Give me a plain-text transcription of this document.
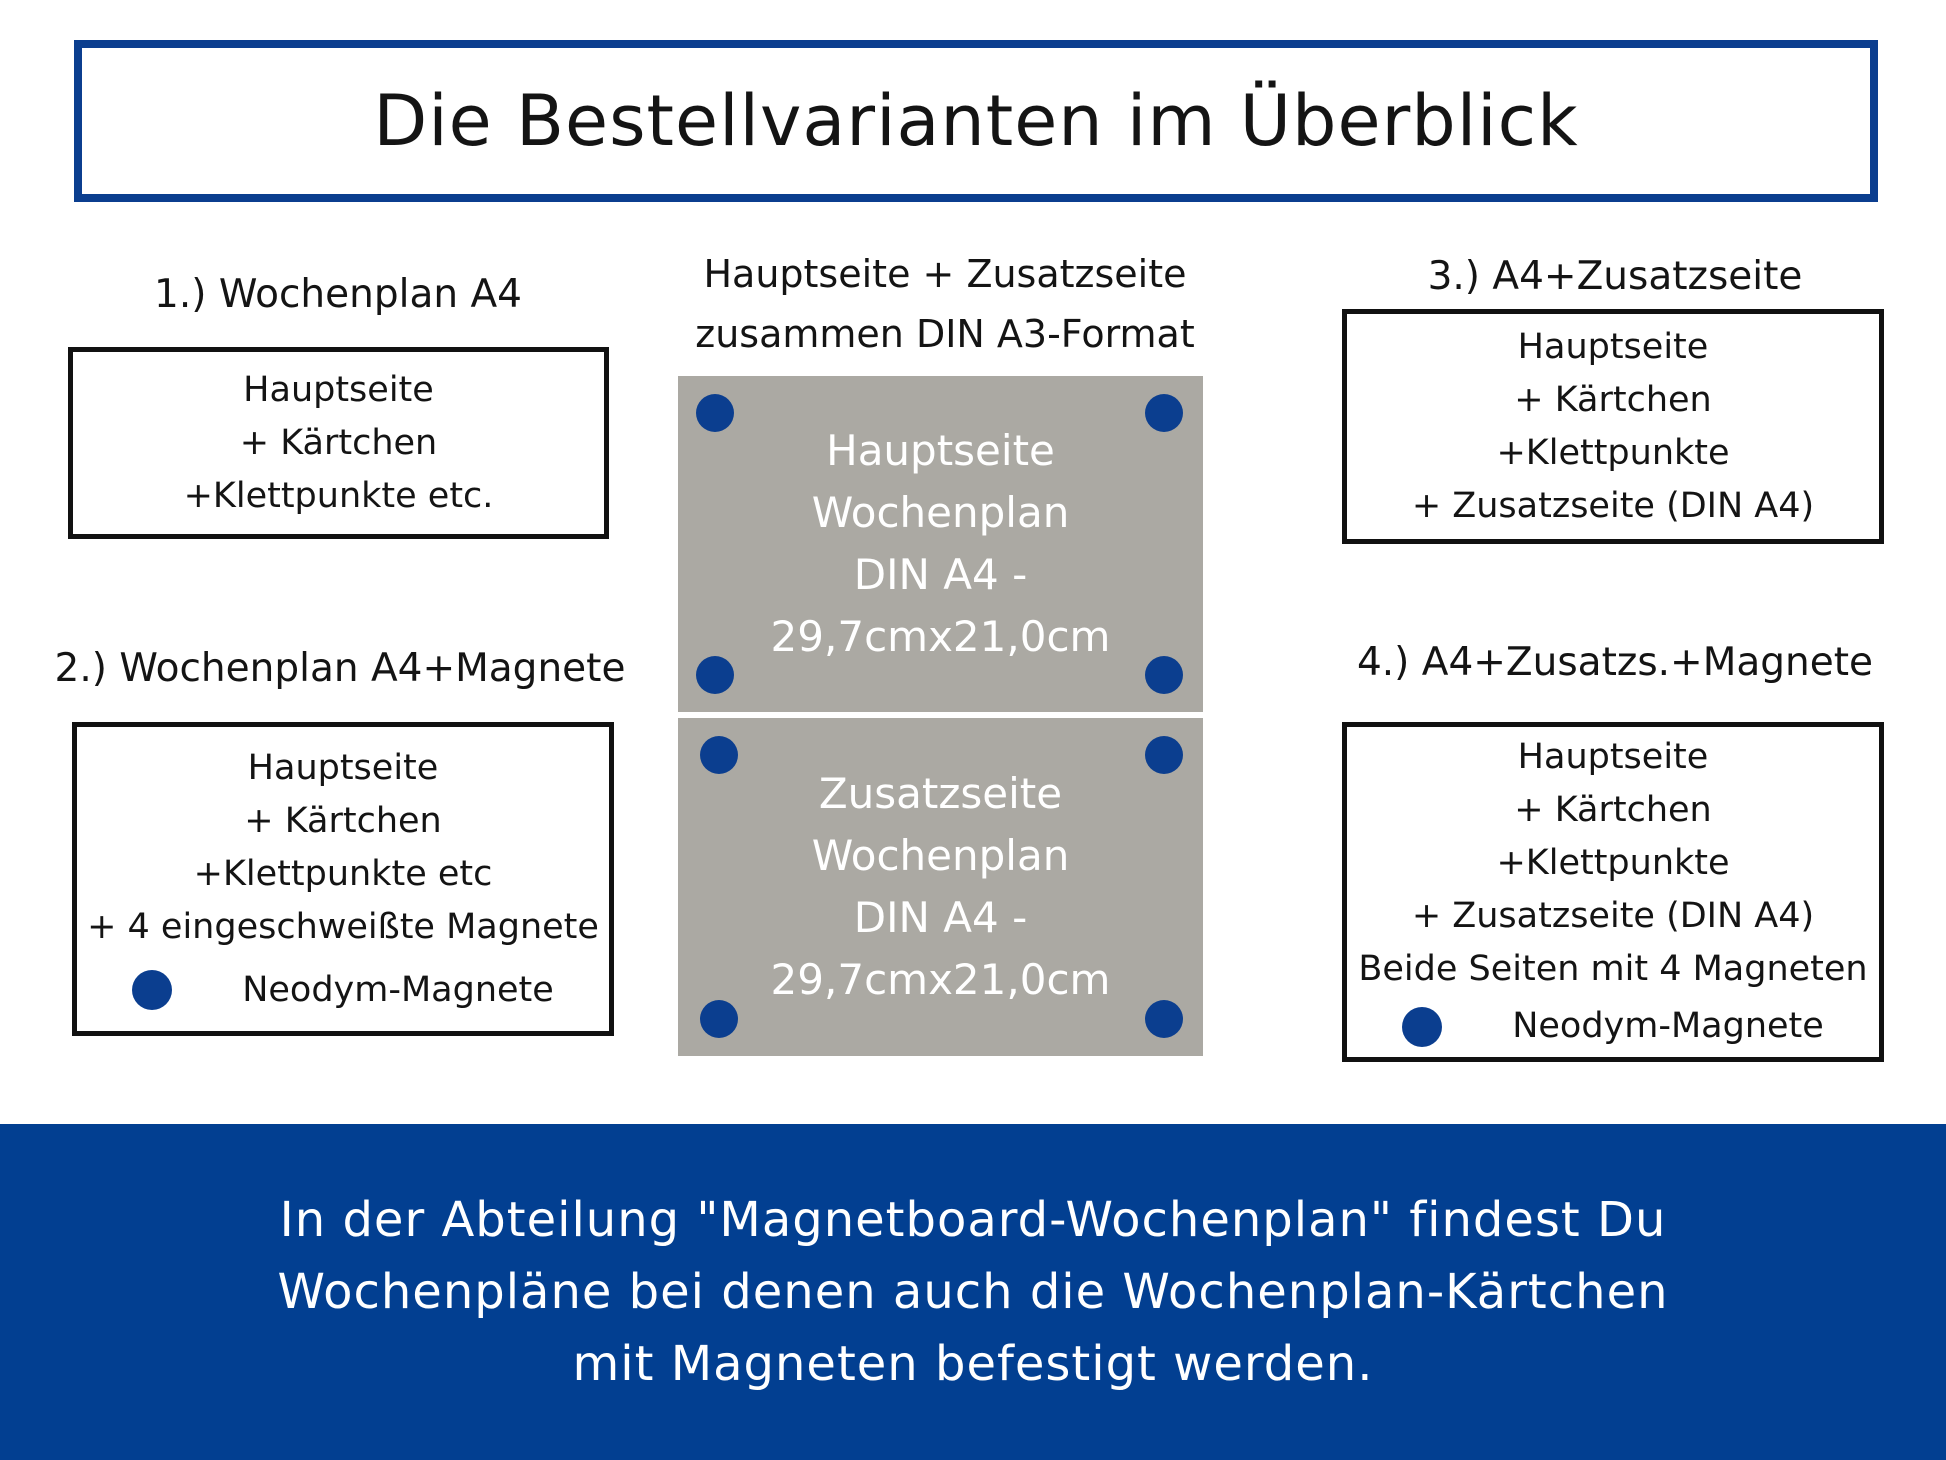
Die Bestellvarianten im Überblick
1.) Wochenplan A4
Hauptseite
+ Kärtchen
+Klettpunkte etc.
2.) Wochenplan A4+Magnete
Hauptseite
+ Kärtchen
+Klettpunkte etc
+ 4 eingeschweißte Magnete
Neodym-Magnete
Hauptseite + Zusatzseite
zusammen DIN A3-Format
Hauptseite
Wochenplan
DIN A4 -
29,7cmx21,0cm
Zusatzseite
Wochenplan
DIN A4 -
29,7cmx21,0cm
3.) A4+Zusatzseite
Hauptseite
+ Kärtchen
+Klettpunkte
+ Zusatzseite (DIN A4)
4.) A4+Zusatzs.+Magnete
Hauptseite
+ Kärtchen
+Klettpunkte
+ Zusatzseite (DIN A4)
Beide Seiten mit 4 Magneten
Neodym-Magnete
In der Abteilung "Magnetboard-Wochenplan" findest Du
Wochenpläne bei denen auch die Wochenplan-Kärtchen
mit Magneten befestigt werden.
